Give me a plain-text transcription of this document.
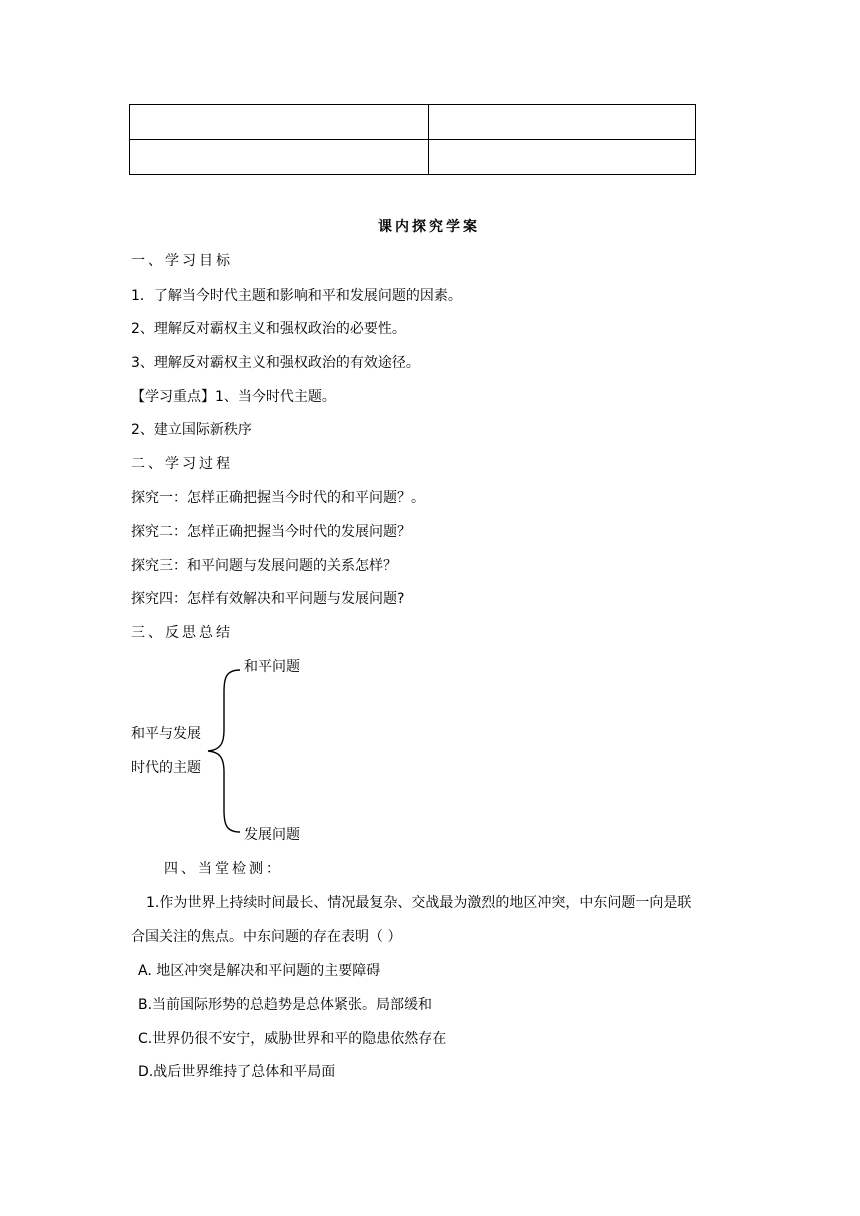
课内探究学案
一、学习目标
1．了解当今时代主题和影响和平和发展问题的因素。
2、理解反对霸权主义和强权政治的必要性。
3、理解反对霸权主义和强权政治的有效途径。
【学习重点】1、当今时代主题。
2、建立国际新秩序
二、学习过程
探究一：怎样正确把握当今时代的和平问题？。
探究二：怎样正确把握当今时代的发展问题？
探究三：和平问题与发展问题的关系怎样？
探究四：怎样有效解决和平问题与发展问题?
三、反思总结
和平问题
和平与发展
时代的主题
发展问题
四、当堂检测：
1.作为世界上持续时间最长、情况最复杂、交战最为激烈的地区冲突，中东问题一向是联
合国关注的焦点。中东问题的存在表明（ ）
A. 地区冲突是解决和平问题的主要障碍
B.当前国际形势的总趋势是总体紧张。局部缓和
C.世界仍很不安宁，威胁世界和平的隐患依然存在
D.战后世界维持了总体和平局面
